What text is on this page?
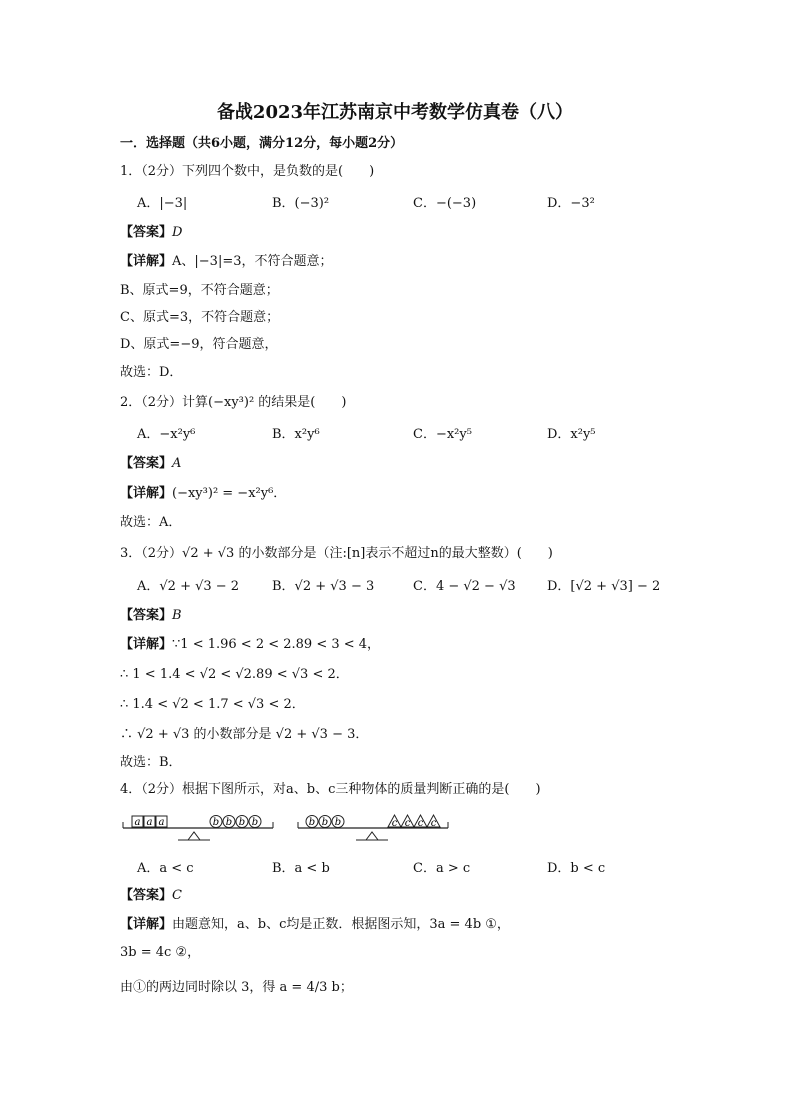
备战2023年江苏南京中考数学仿真卷（八）
一．选择题（共6小题，满分12分，每小题2分）
1．（2分）下列四个数中，是负数的是(　　)
A．|−3|	B．(−3)²	C．−(−3)	D．−3²
【答案】D
【详解】A、|−3|=3，不符合题意；
B、原式=9，不符合题意；
C、原式=3，不符合题意；
D、原式=−9，符合题意，
故选：D．
2．（2分）计算(−xy³)² 的结果是(　　)
A．−x²y⁶	B．x²y⁶	C．−x²y⁵	D．x²y⁵
【答案】A
【详解】(−xy³)² = −x²y⁶．
故选：A．
3．（2分）√2 + √3 的小数部分是（注:[n]表示不超过n的最大整数）(　　)
A．√2 + √3 − 2	B．√2 + √3 − 3	C．4 − √2 − √3 D．[√2 + √3] − 2
【答案】B
【详解】∵1 < 1.96 < 2 < 2.89 < 3 < 4，
∴ 1 < 1.4 < √2 < √2.89 < √3 < 2．
∴ 1.4 < √2 < 1.7 < √3 < 2．
∴ √2 + √3 的小数部分是 √2 + √3 − 3．
故选：B．
4．（2分）根据下图所示，对a、b、c三种物体的质量判断正确的是(　　)
a a a	b b b b	b b b	c c c c
A．a < c	B．a < b	C．a > c	D．b < c
【答案】C
【详解】由题意知，a、b、c均是正数．根据图示知，3a = 4b ①，
3b = 4c ②，
由①的两边同时除以 3，得 a = 4/3 b；
